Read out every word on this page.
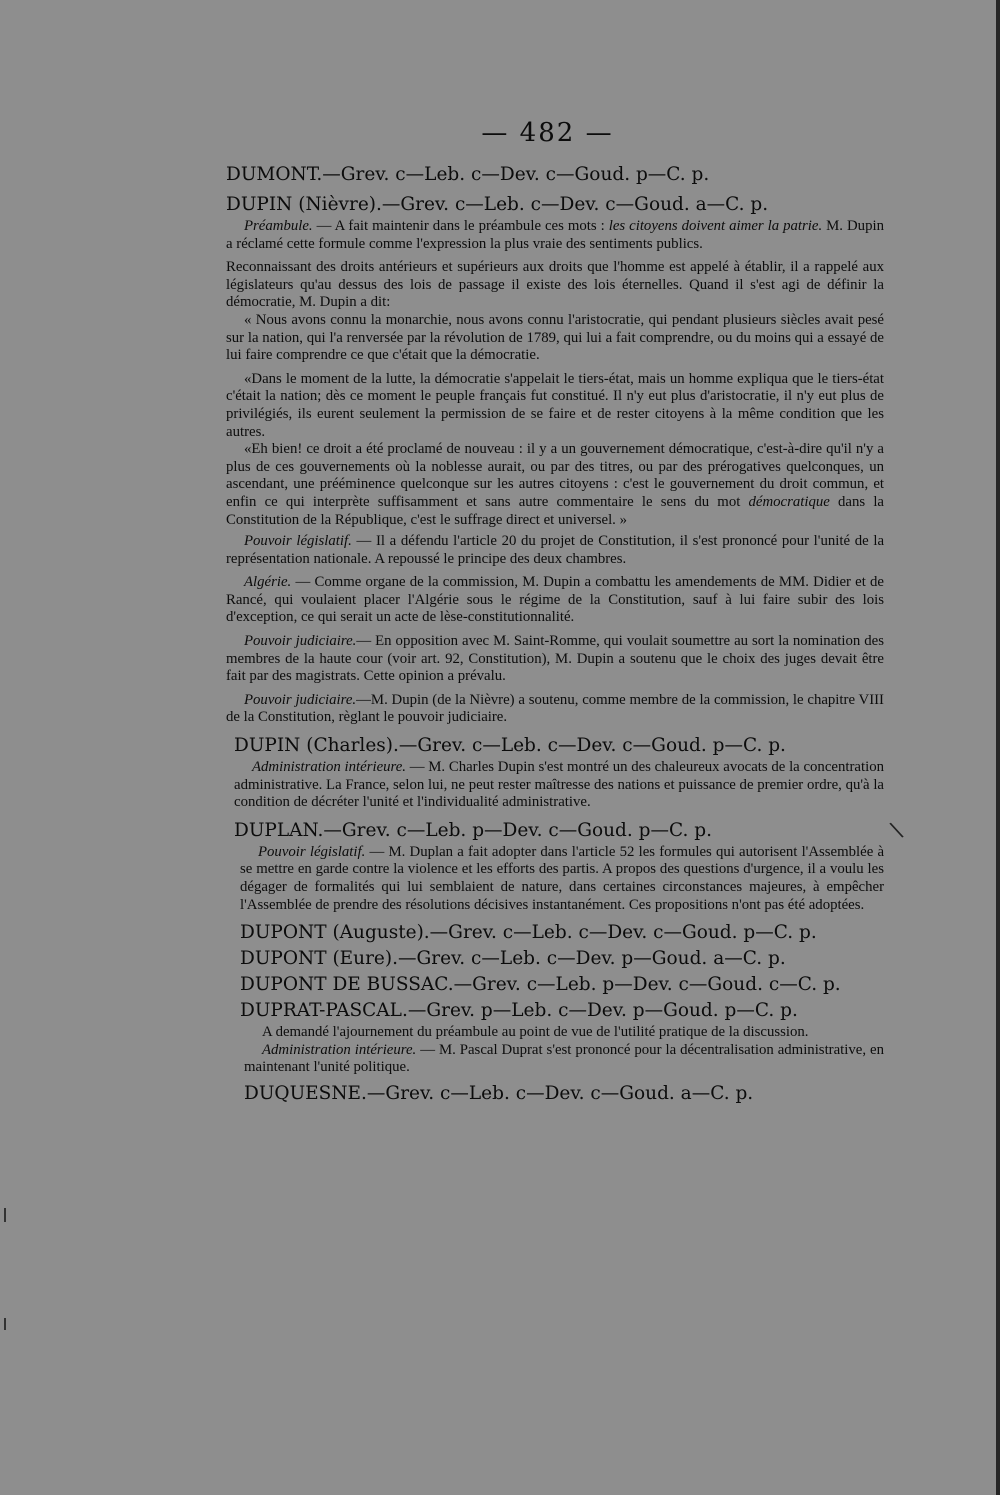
— 482 —

DUMONT.—Grev. c—Leb. c—Dev. c—Goud. p—C. p.

DUPIN (Nièvre).—Grev. c—Leb. c—Dev. c—Goud. a—C. p.

Préambule. — A fait maintenir dans le préambule ces mots : les citoyens doivent aimer la patrie. M. Dupin a réclamé cette formule comme l'expression la plus vraie des sentiments publics.

Reconnaissant des droits antérieurs et supérieurs aux droits que l'homme est appelé à établir, il a rappelé aux législateurs qu'au dessus des lois de passage il existe des lois éternelles. Quand il s'est agi de définir la démocratie, M. Dupin a dit:

« Nous avons connu la monarchie, nous avons connu l'aristocratie, qui pendant plusieurs siècles avait pesé sur la nation, qui l'a renversée par la révolution de 1789, qui lui a fait comprendre, ou du moins qui a essayé de lui faire comprendre ce que c'était que la démocratie.

«Dans le moment de la lutte, la démocratie s'appelait le tiers-état, mais un homme expliqua que le tiers-état c'était la nation; dès ce moment le peuple français fut constitué. Il n'y eut plus d'aristocratie, il n'y eut plus de privilégiés, ils eurent seulement la permission de se faire et de rester citoyens à la même condition que les autres.

«Eh bien! ce droit a été proclamé de nouveau : il y a un gouvernement démocratique, c'est-à-dire qu'il n'y a plus de ces gouvernements où la noblesse aurait, ou par des titres, ou par des prérogatives quelconques, un ascendant, une prééminence quelconque sur les autres citoyens : c'est le gouvernement du droit commun, et enfin ce qui interprète suffisamment et sans autre commentaire le sens du mot démocratique dans la Constitution de la République, c'est le suffrage direct et universel. »

Pouvoir législatif. — Il a défendu l'article 20 du projet de Constitution, il s'est prononcé pour l'unité de la représentation nationale. A repoussé le principe des deux chambres.

Algérie. — Comme organe de la commission, M. Dupin a combattu les amendements de MM. Didier et de Rancé, qui voulaient placer l'Algérie sous le régime de la Constitution, sauf à lui faire subir des lois d'exception, ce qui serait un acte de lèse-constitutionnalité.

Pouvoir judiciaire.— En opposition avec M. Saint-Romme, qui voulait soumettre au sort la nomination des membres de la haute cour (voir art. 92, Constitution), M. Dupin a soutenu que le choix des juges devait être fait par des magistrats. Cette opinion a prévalu.

Pouvoir judiciaire.—M. Dupin (de la Nièvre) a soutenu, comme membre de la commission, le chapitre VIII de la Constitution, règlant le pouvoir judiciaire.

DUPIN (Charles).—Grev. c—Leb. c—Dev. c—Goud. p—C. p.

Administration intérieure. — M. Charles Dupin s'est montré un des chaleureux avocats de la concentration administrative. La France, selon lui, ne peut rester maîtresse des nations et puissance de premier ordre, qu'à la condition de décréter l'unité et l'individualité administrative.

DUPLAN.—Grev. c—Leb. p—Dev. c—Goud. p—C. p.

Pouvoir législatif. — M. Duplan a fait adopter dans l'article 52 les formules qui autorisent l'Assemblée à se mettre en garde contre la violence et les efforts des partis. A propos des questions d'urgence, il a voulu les dégager de formalités qui lui semblaient de nature, dans certaines circonstances majeures, à empêcher l'Assemblée de prendre des résolutions décisives instantanément. Ces propositions n'ont pas été adoptées.

DUPONT (Auguste).—Grev. c—Leb. c—Dev. c—Goud. p—C. p.

DUPONT (Eure).—Grev. c—Leb. c—Dev. p—Goud. a—C. p.

DUPONT DE BUSSAC.—Grev. c—Leb. p—Dev. c—Goud. c—C. p.

DUPRAT-PASCAL.—Grev. p—Leb. c—Dev. p—Goud. p—C. p.

A demandé l'ajournement du préambule au point de vue de l'utilité pratique de la discussion.

Administration intérieure. — M. Pascal Duprat s'est prononcé pour la décentralisation administrative, en maintenant l'unité politique.

DUQUESNE.—Grev. c—Leb. c—Dev. c—Goud. a—C. p.

\
